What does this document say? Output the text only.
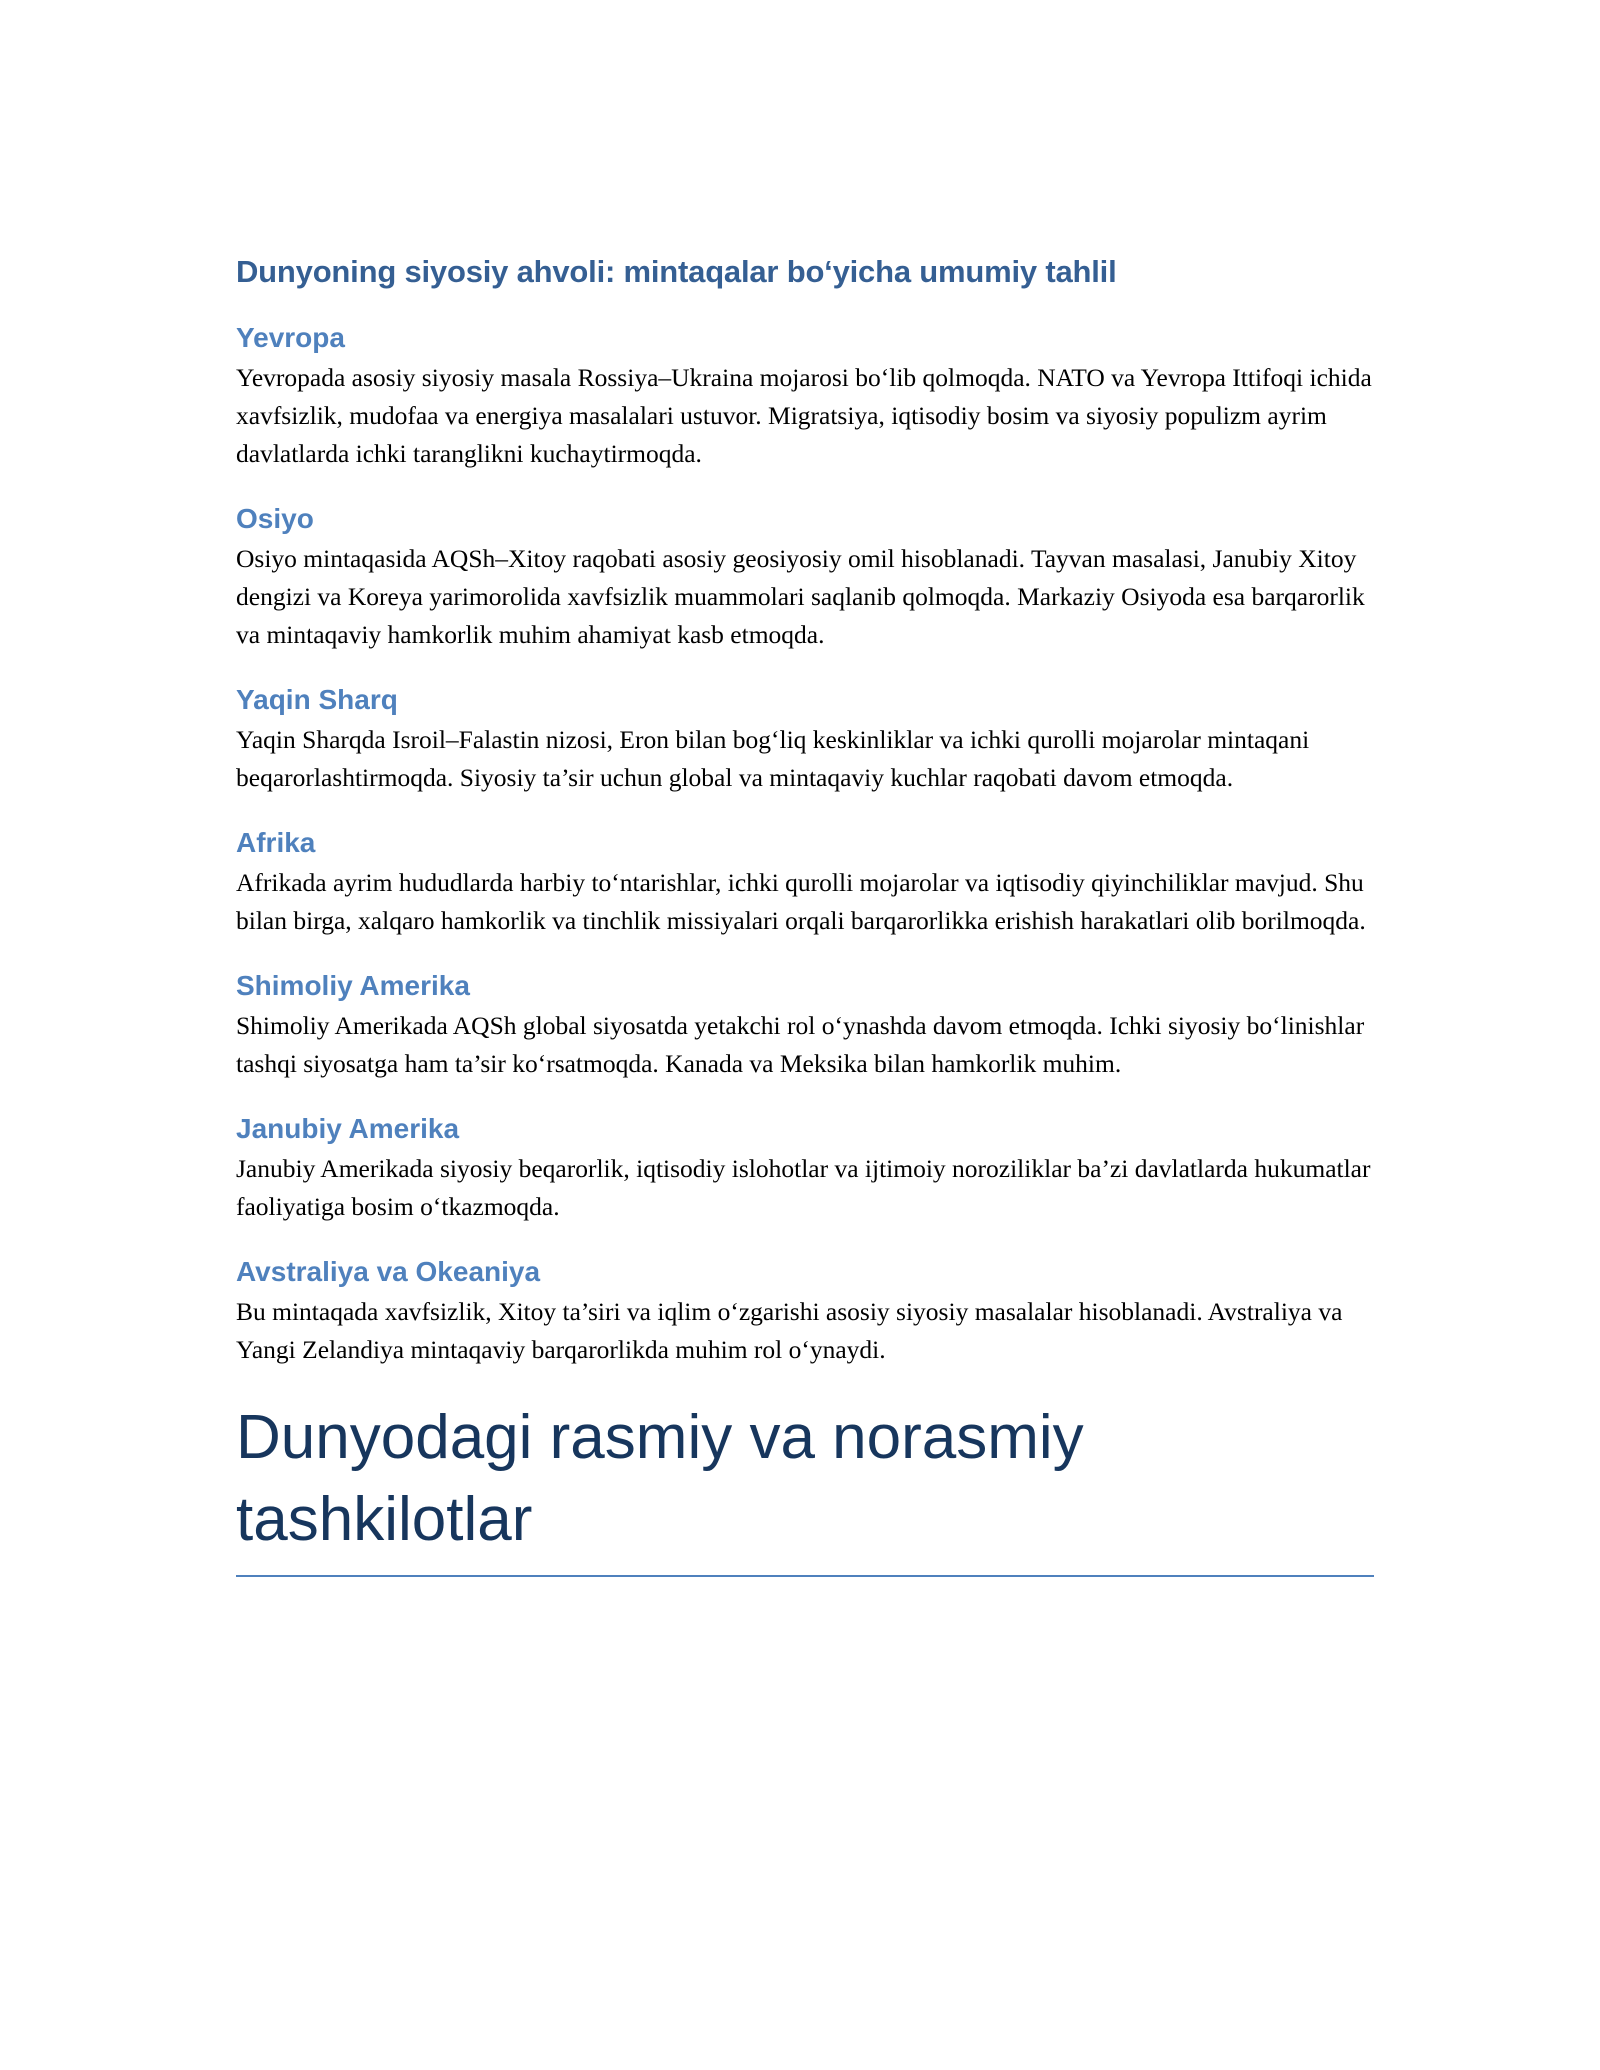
Dunyoning siyosiy ahvoli: mintaqalar bo‘yicha umumiy tahlil
Yevropa

Yevropada asosiy siyosiy masala Rossiya–Ukraina mojarosi bo‘lib qolmoqda. NATO va Yevropa Ittifoqi ichida xavfsizlik, mudofaa va energiya masalalari ustuvor. Migratsiya, iqtisodiy bosim va siyosiy populizm ayrim davlatlarda ichki taranglikni kuchaytirmoqda.

Osiyo

Osiyo mintaqasida AQSh–Xitoy raqobati asosiy geosiyosiy omil hisoblanadi. Tayvan masalasi, Janubiy Xitoy dengizi va Koreya yarimorolida xavfsizlik muammolari saqlanib qolmoqda. Markaziy Osiyoda esa barqarorlik va mintaqaviy hamkorlik muhim ahamiyat kasb etmoqda.

Yaqin Sharq

Yaqin Sharqda Isroil–Falastin nizosi, Eron bilan bog‘liq keskinliklar va ichki qurolli mojarolar mintaqani beqarorlashtirmoqda. Siyosiy ta’sir uchun global va mintaqaviy kuchlar raqobati davom etmoqda.

Afrika

Afrikada ayrim hududlarda harbiy to‘ntarishlar, ichki qurolli mojarolar va iqtisodiy qiyinchiliklar mavjud. Shu bilan birga, xalqaro hamkorlik va tinchlik missiyalari orqali barqarorlikka erishish harakatlari olib borilmoqda.

Shimoliy Amerika

Shimoliy Amerikada AQSh global siyosatda yetakchi rol o‘ynashda davom etmoqda. Ichki siyosiy bo‘linishlar tashqi siyosatga ham ta’sir ko‘rsatmoqda. Kanada va Meksika bilan hamkorlik muhim.

Janubiy Amerika

Janubiy Amerikada siyosiy beqarorlik, iqtisodiy islohotlar va ijtimoiy noroziliklar ba’zi davlatlarda hukumatlar faoliyatiga bosim o‘tkazmoqda.

Avstraliya va Okeaniya

Bu mintaqada xavfsizlik, Xitoy ta’siri va iqlim o‘zgarishi asosiy siyosiy masalalar hisoblanadi. Avstraliya va Yangi Zelandiya mintaqaviy barqarorlikda muhim rol o‘ynaydi.

Dunyodagi rasmiy va norasmiy tashkilotlar
